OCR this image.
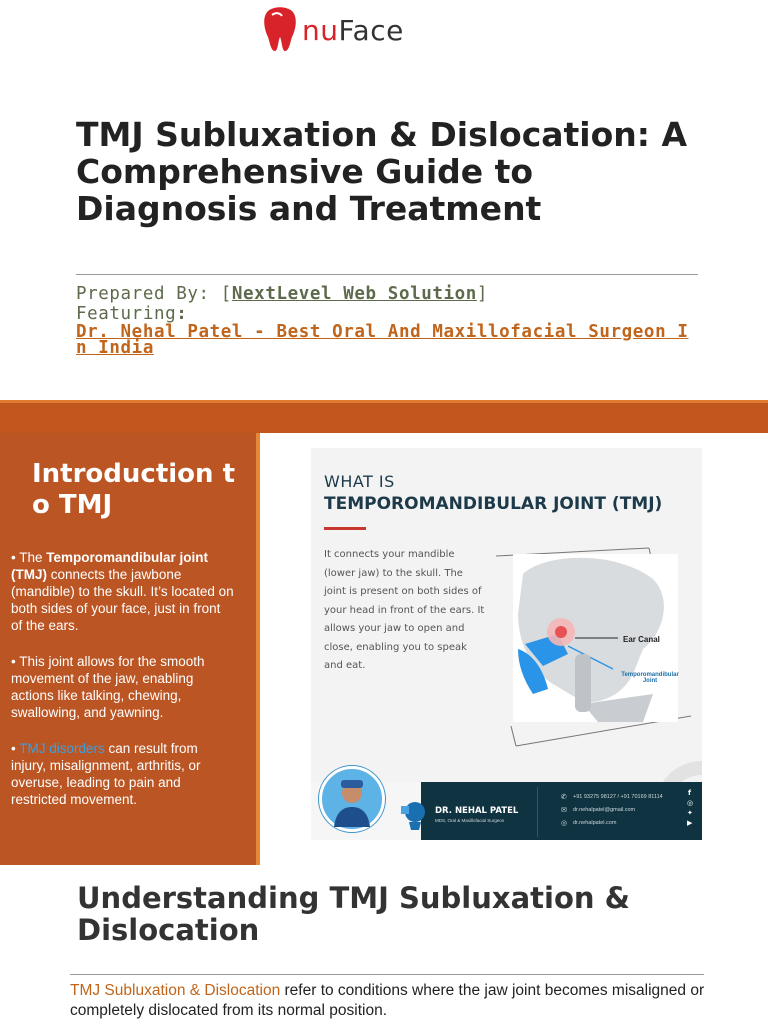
nuFace
TMJ Subluxation & Dislocation: A Comprehensive Guide to Diagnosis and Treatment
Prepared By: [NextLevel Web Solution]
Featuring:
Dr. Nehal Patel - Best Oral And Maxillofacial Surgeon In India
Introduction to TMJ
• The Temporomandibular joint (TMJ) connects the jawbone (mandible) to the skull. It’s located on both sides of your face, just in front of the ears.
• This joint allows for the smooth movement of the jaw, enabling actions like talking, chewing, swallowing, and yawning.
• TMJ disorders can result from injury, misalignment, arthritis, or overuse, leading to pain and restricted movement.
WHAT IS
TEMPOROMANDIBULAR JOINT (TMJ)
It connects your mandible (lower jaw) to the skull. The joint is present on both sides of your head in front of the ears. It allows your jaw to open and close, enabling you to speak and eat.
Ear Canal
Temporomandibular Joint
DR. NEHAL PATEL
MDS, Oral & Maxillofacial Surgeon
✆
✉
◎
+91 93275 98127 / +91 70169 81114
dr.nehalpatel@gmail.com
dr.nehalpatel.com
f
◎
✦
▶
Understanding TMJ Subluxation & Dislocation

TMJ Subluxation & Dislocation refer to conditions where the jaw joint becomes misaligned or completely dislocated from its normal position.
